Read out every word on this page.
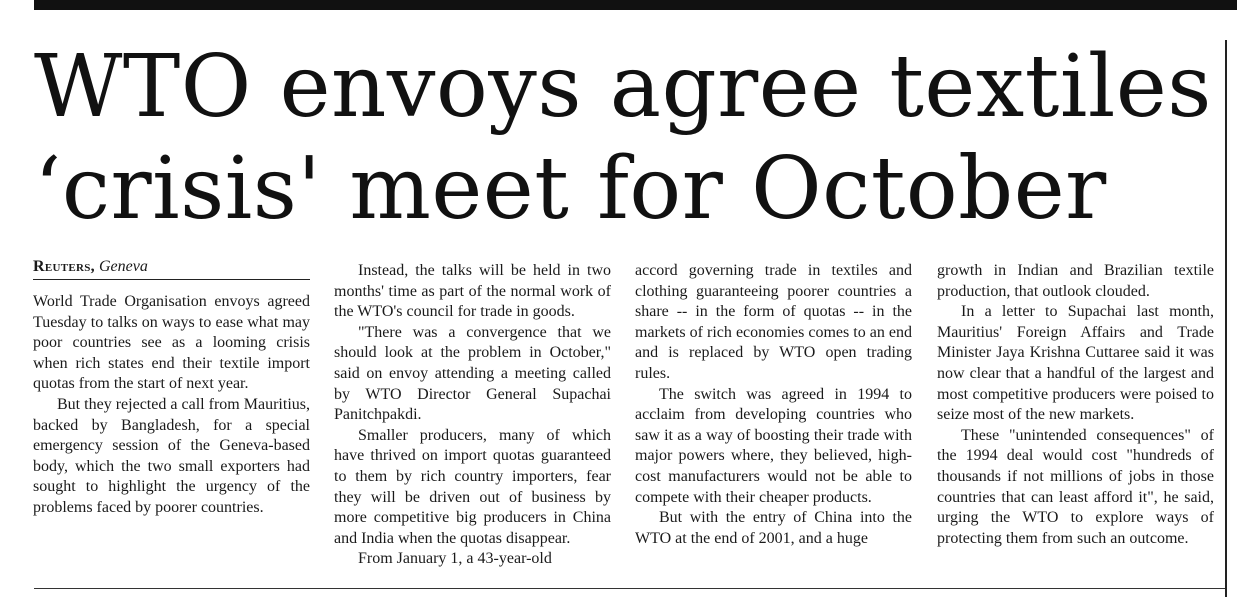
WTO envoys agree textiles
‘crisis' meet for October
Reuters, Geneva

World Trade Organisation envoys agreed Tuesday to talks on ways to ease what may poor countries see as a looming crisis when rich states end their textile import quotas from the start of next year.

But they rejected a call from Mauritius, backed by Bangladesh, for a special emergency session of the Geneva-based body, which the two small exporters had sought to highlight the urgency of the problems faced by poorer countries.

Instead, the talks will be held in two months' time as part of the normal work of the WTO's council for trade in goods.

"There was a convergence that we should look at the problem in October," said on envoy attending a meeting called by WTO Director General Supachai Panitchpakdi.

Smaller producers, many of which have thrived on import quotas guaranteed to them by rich country importers, fear they will be driven out of business by more competitive big producers in China and India when the quotas disappear.

From January 1, a 43-year-old

accord governing trade in textiles and clothing guaranteeing poorer countries a share -- in the form of quotas -- in the markets of rich economies comes to an end and is replaced by WTO open trading rules.

The switch was agreed in 1994 to acclaim from developing countries who saw it as a way of boosting their trade with major powers where, they believed, high-cost manufacturers would not be able to compete with their cheaper products.

But with the entry of China into the WTO at the end of 2001, and a huge

growth in Indian and Brazilian textile production, that outlook clouded.

In a letter to Supachai last month, Mauritius' Foreign Affairs and Trade Minister Jaya Krishna Cuttaree said it was now clear that a handful of the largest and most competitive producers were poised to seize most of the new markets.

These "unintended consequences" of the 1994 deal would cost "hundreds of thousands if not millions of jobs in those countries that can least afford it", he said, urging the WTO to explore ways of protecting them from such an outcome.
